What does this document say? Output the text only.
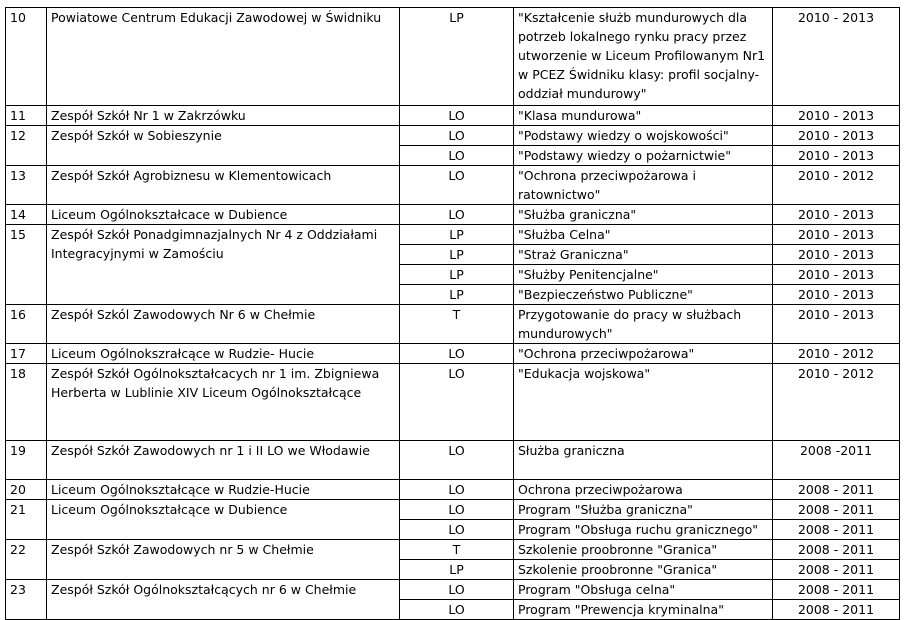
10	Powiatowe Centrum Edukacji Zawodowej w Świdniku	LP	"Kształcenie służb mundurowych dla potrzeb lokalnego rynku pracy przez utworzenie w Liceum Profilowanym Nr1 w PCEZ Świdniku klasy: profil socjalny-oddział mundurowy"	2010 - 2013
11	Zespół Szkół Nr 1 w Zakrzówku	LO	"Klasa mundurowa"	2010 - 2013
12	Zespół Szkół w Sobieszynie	LO	"Podstawy wiedzy o wojskowości"	2010 - 2013
		LO	"Podstawy wiedzy o pożarnictwie"	2010 - 2013
13	Zespół Szkół Agrobiznesu w Klementowicach	LO	"Ochrona przeciwpożarowa i ratownictwo"	2010 - 2012
14	Liceum Ogólnokształcace w Dubience	LO	"Służba graniczna"	2010 - 2013
15	Zespół Szkół Ponadgimnazjalnych Nr 4 z Oddziałami Integracyjnymi w Zamościu	LP	"Służba Celna"	2010 - 2013
		LP	"Straż Graniczna"	2010 - 2013
		LP	"Służby Penitencjalne"	2010 - 2013
		LP	"Bezpieczeństwo Publiczne"	2010 - 2013
16	Zespół Szkól Zawodowych Nr 6 w Chełmie	T	Przygotowanie do pracy w służbach mundurowych"	2010 - 2013
17	Liceum Ogólnokszrałcące w Rudzie- Hucie	LO	"Ochrona przeciwpożarowa"	2010 - 2012
18	Zespół Szkół Ogólnokształcacych nr 1 im. Zbigniewa Herberta w Lublinie XIV Liceum Ogólnokształcące	LO	"Edukacja wojskowa"	2010 - 2012
19	Zespół Szkół Zawodowych nr 1 i II LO we Włodawie	LO	Służba graniczna	2008 -2011
20	Liceum Ogólnokształcące w Rudzie-Hucie	LO	Ochrona przeciwpożarowa	2008 - 2011
21	Liceum Ogólnokształcące w Dubience	LO	Program "Służba graniczna"	2008 - 2011
		LO	Program "Obsługa ruchu granicznego"	2008 - 2011
22	Zespół Szkół Zawodowych nr 5 w Chełmie	T	Szkolenie proobronne "Granica"	2008 - 2011
		LP	Szkolenie proobronne "Granica"	2008 - 2011
23	Zespół Szkół Ogólnokształcących nr 6 w Chełmie	LO	Program "Obsługa celna"	2008 - 2011
		LO	Program "Prewencja kryminalna"	2008 - 2011
